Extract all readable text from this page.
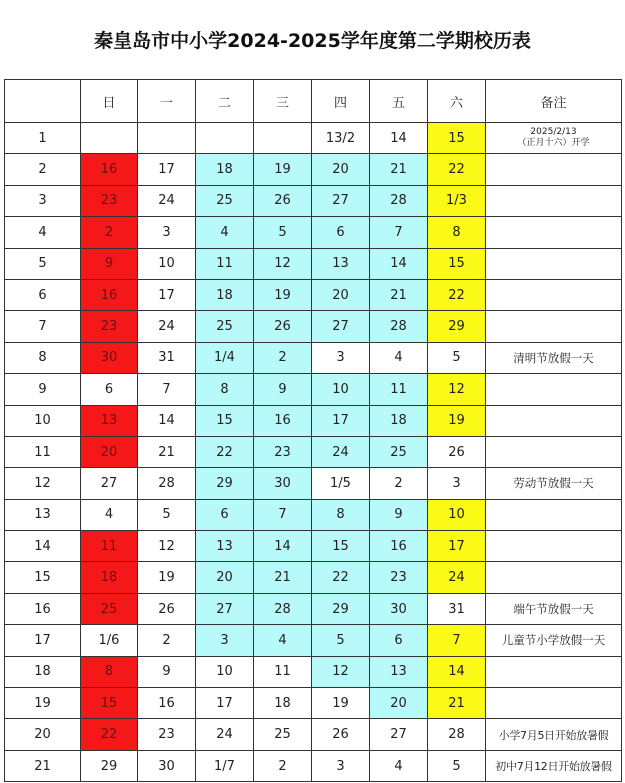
秦皇岛市中小学2024-2025学年度第二学期校历表
	日	一	二	三	四	五	六	备注
1					13/2	14	15	2025/2/13
（正月十六）开学
2	16	17	18	19	20	21	22	
3	23	24	25	26	27	28	1/3	
4	2	3	4	5	6	7	8	
5	9	10	11	12	13	14	15	
6	16	17	18	19	20	21	22	
7	23	24	25	26	27	28	29	
8	30	31	1/4	2	3	4	5	清明节放假一天
9	6	7	8	9	10	11	12	
10	13	14	15	16	17	18	19	
11	20	21	22	23	24	25	26	
12	27	28	29	30	1/5	2	3	劳动节放假一天
13	4	5	6	7	8	9	10	
14	11	12	13	14	15	16	17	
15	18	19	20	21	22	23	24	
16	25	26	27	28	29	30	31	端午节放假一天
17	1/6	2	3	4	5	6	7	儿童节小学放假一天
18	8	9	10	11	12	13	14	
19	15	16	17	18	19	20	21	
20	22	23	24	25	26	27	28	小学7月5日开始放暑假
21	29	30	1/7	2	3	4	5	初中7月12日开始放暑假
